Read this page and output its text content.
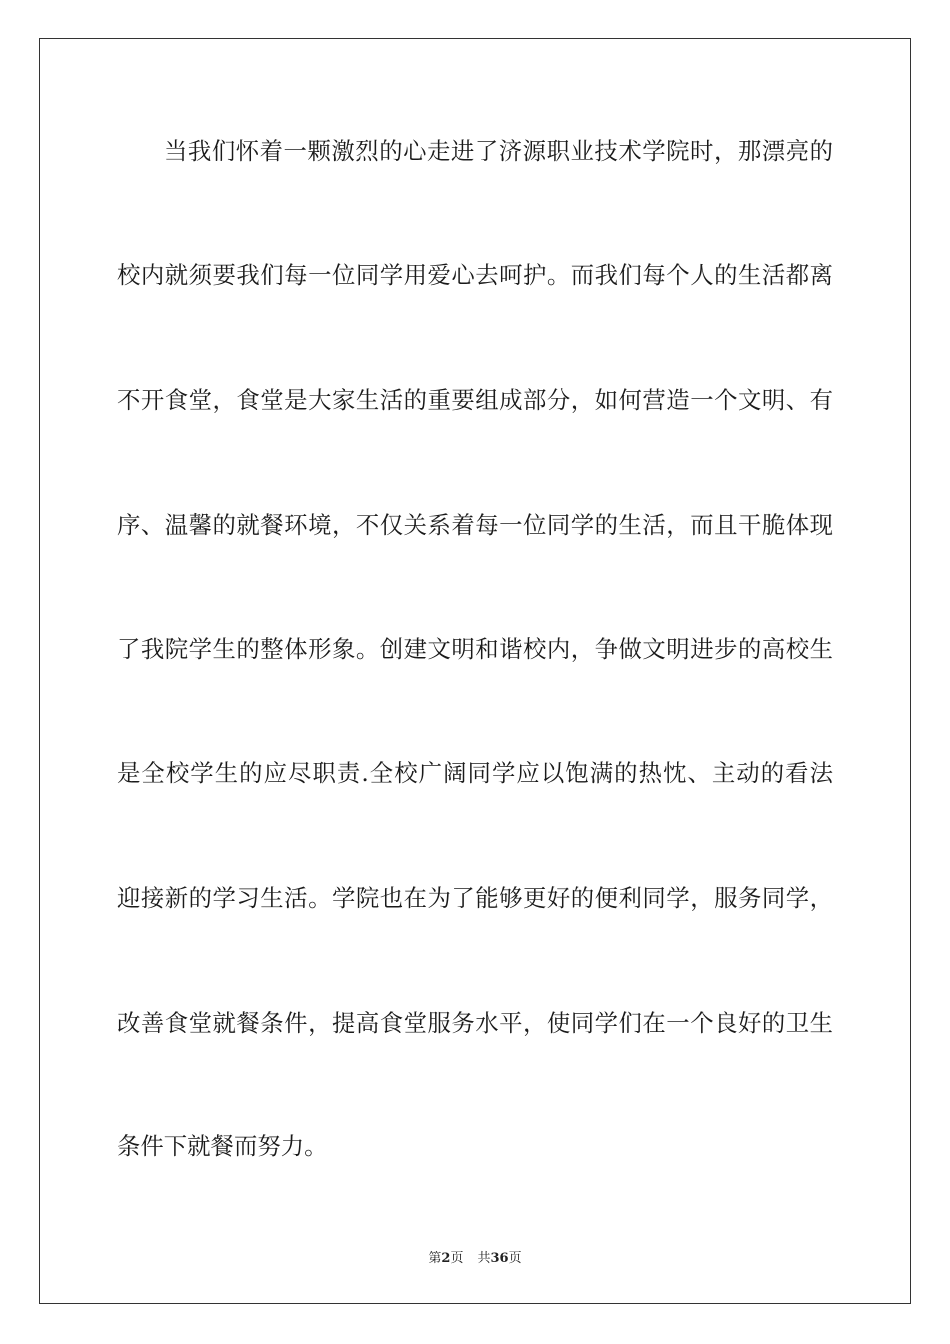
当我们怀着一颗激烈的心走进了济源职业技术学院时，那漂亮的
校内就须要我们每一位同学用爱心去呵护。而我们每个人的生活都离
不开食堂，食堂是大家生活的重要组成部分，如何营造一个文明、有
序、温馨的就餐环境，不仅关系着每一位同学的生活，而且干脆体现
了我院学生的整体形象。创建文明和谐校内，争做文明进步的高校生
是全校学生的应尽职责.全校广阔同学应以饱满的热忱、主动的看法
迎接新的学习生活。学院也在为了能够更好的便利同学，服务同学，
改善食堂就餐条件，提高食堂服务水平，使同学们在一个良好的卫生
条件下就餐而努力。
第2页 共36页
